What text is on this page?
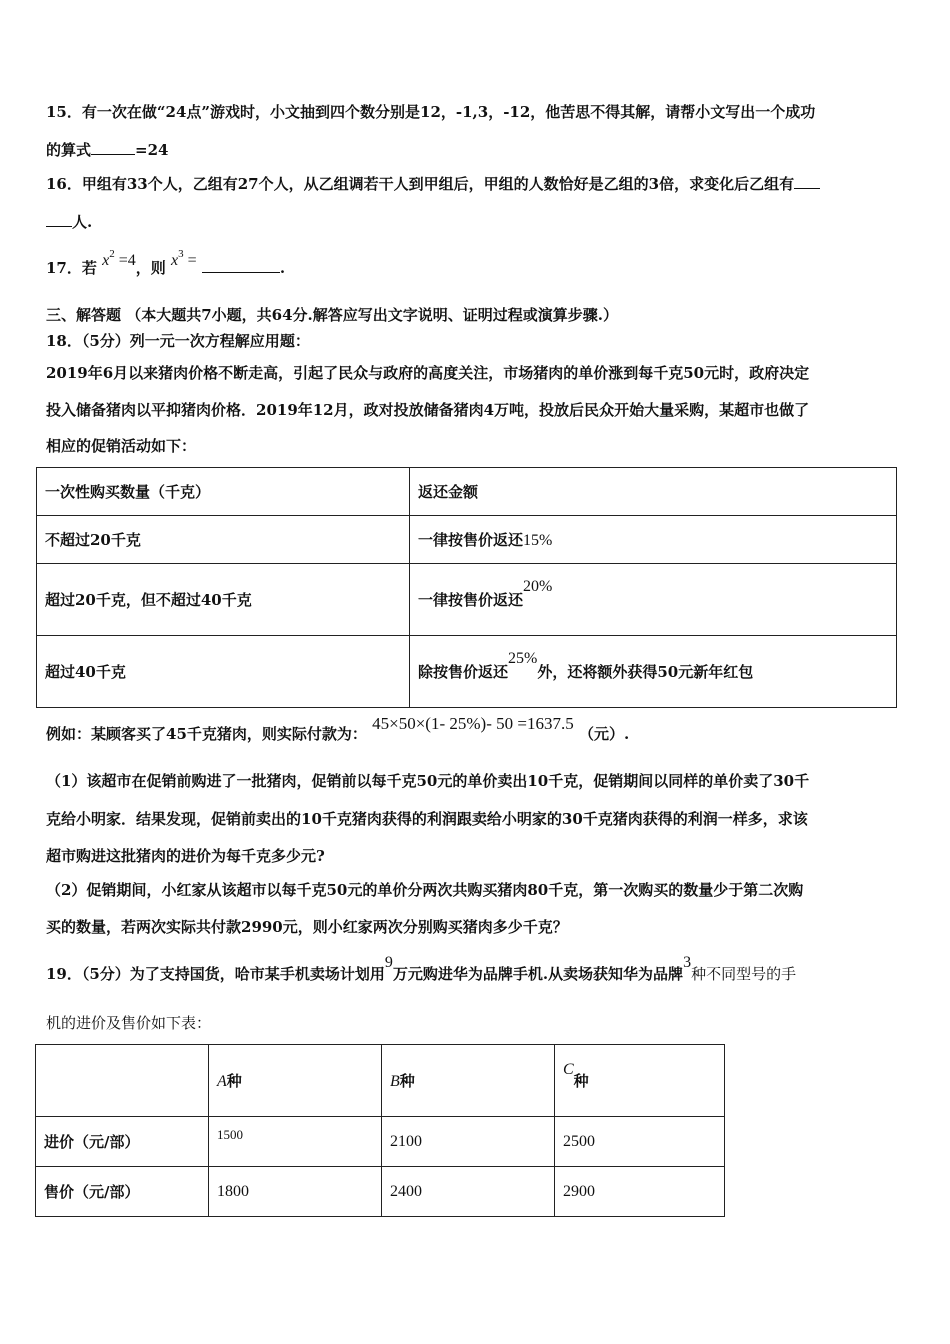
15．有一次在做“24点”游戏时，小文抽到四个数分别是12，-1,3，-12，他苦思不得其解，请帮小文写出一个成功
的算式	=24
16．甲组有33个人，乙组有27个人，从乙组调若干人到甲组后，甲组的人数恰好是乙组的3倍，求变化后乙组有
人.
17．若 $x^2 =4$，则 $x^3$ =	.
三、解答题 （本大题共7小题，共64分.解答应写出文字说明、证明过程或演算步骤.）
18．（5分）列一元一次方程解应用题：
2019年6月以来猪肉价格不断走高，引起了民众与政府的高度关注，市场猪肉的单价涨到每千克50元时，政府决定
投入储备猪肉以平抑猪肉价格．2019年12月，政对投放储备猪肉4万吨，投放后民众开始大量采购，某超市也做了
相应的促销活动如下：
一次性购买数量（千克）	返还金额
不超过20千克	一律按售价返还15%
超过20千克，但不超过40千克	一律按售价返还20%
超过40千克	除按售价返还25%外，还将额外获得50元新年红包
例如：某顾客买了45千克猪肉，则实际付款为： 45×50×(1- 25%)- 50 =1637.5 （元）.
（1）该超市在促销前购进了一批猪肉，促销前以每千克50元的单价卖出10千克，促销期间以同样的单价卖了30千
克给小明家．结果发现，促销前卖出的10千克猪肉获得的利润跟卖给小明家的30千克猪肉获得的利润一样多，求该
超市购进这批猪肉的进价为每千克多少元?
（2）促销期间，小红家从该超市以每千克50元的单价分两次共购买猪肉80千克，第一次购买的数量少于第二次购
买的数量，若两次实际共付款2990元，则小红家两次分别购买猪肉多少千克？
19．（5分）为了支持国货，哈市某手机卖场计划用9万元购进华为品牌手机.从卖场获知华为品牌3种不同型号的手
机的进价及售价如下表：
	A种	B种	C种
进价（元/部）	1500	2100	2500
售价（元/部）	1800	2400	2900
